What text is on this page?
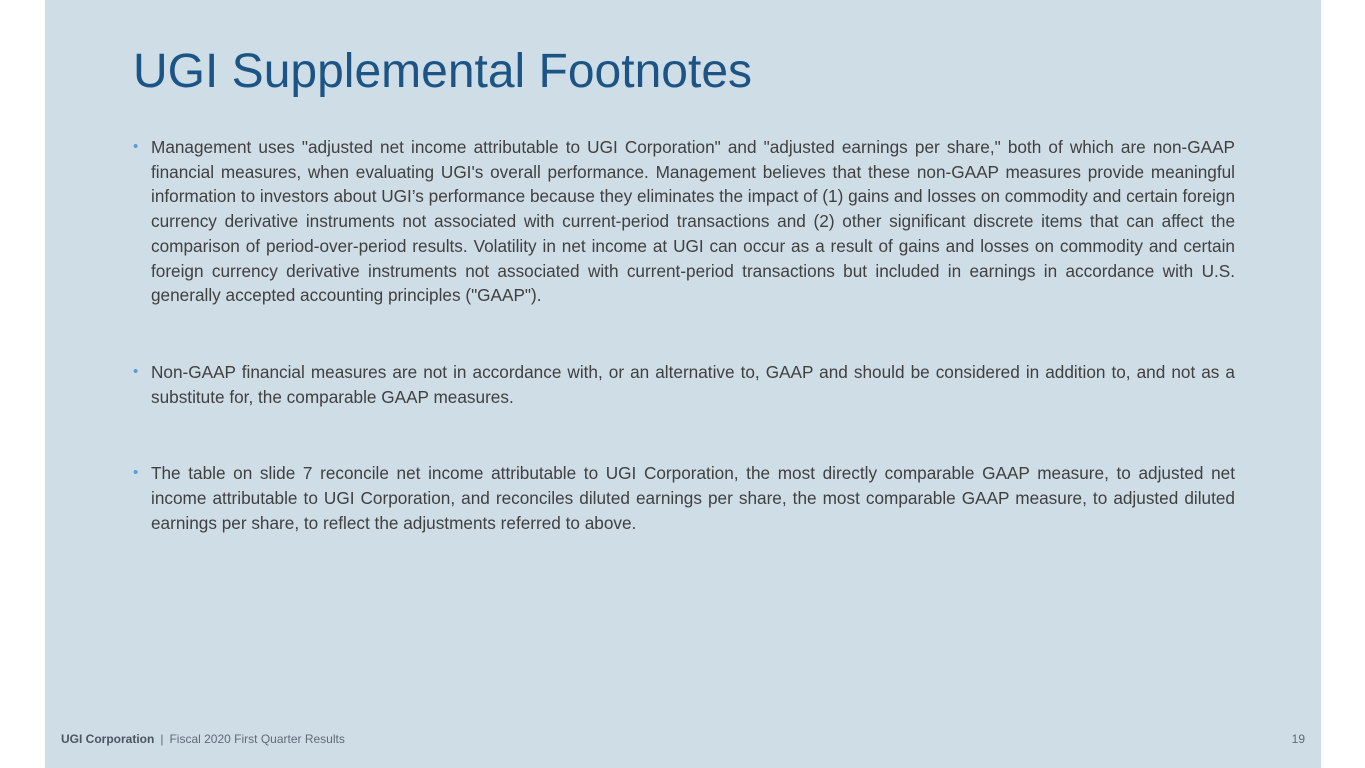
UGI Supplemental Footnotes
• Management uses "adjusted net income attributable to UGI Corporation" and "adjusted earnings per share," both of which are non-GAAP financial measures, when evaluating UGI's overall performance. Management believes that these non-GAAP measures provide meaningful information to investors about UGI’s performance because they eliminates the impact of (1) gains and losses on commodity and certain foreign currency derivative instruments not associated with current-period transactions and (2) other significant discrete items that can affect the comparison of period-over-period results. Volatility in net income at UGI can occur as a result of gains and losses on commodity and certain foreign currency derivative instruments not associated with current-period transactions but included in earnings in accordance with U.S. generally accepted accounting principles ("GAAP").
• Non-GAAP financial measures are not in accordance with, or an alternative to, GAAP and should be considered in addition to, and not as a substitute for, the comparable GAAP measures.
• The table on slide 7 reconcile net income attributable to UGI Corporation, the most directly comparable GAAP measure, to adjusted net income attributable to UGI Corporation, and reconciles diluted earnings per share, the most comparable GAAP measure, to adjusted diluted earnings per share, to reflect the adjustments referred to above.
UGI Corporation | Fiscal 2020 First Quarter Results	19
